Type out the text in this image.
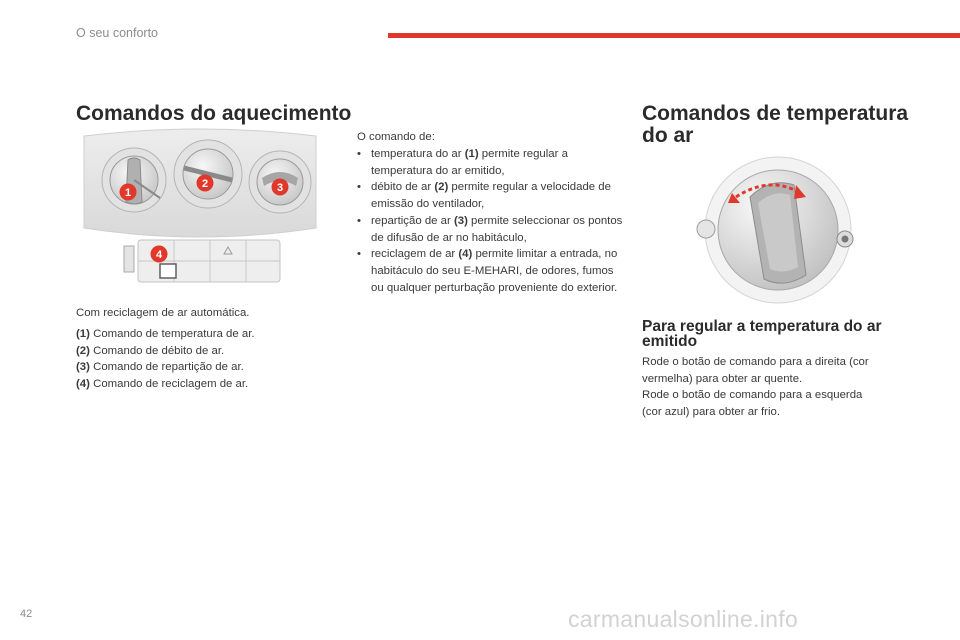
O seu conforto
Comandos do aquecimento
1
2	3
4
Com reciclagem de ar automática.
(1) Comando de temperatura de ar.
(2) Comando de débito de ar.
(3) Comando de repartição de ar.
(4) Comando de reciclagem de ar.
O comando de:
• temperatura do ar (1) permite regular a temperatura do ar emitido,
• débito de ar (2) permite regular a velocidade de emissão do ventilador,
• repartição de ar (3) permite seleccionar os pontos de difusão de ar no habitáculo,
• reciclagem de ar (4) permite limitar a entrada, no habitáculo do seu E-MEHARI, de odores, fumos ou qualquer perturbação proveniente do exterior.
Comandos de temperatura
do ar
Para regular a temperatura do ar
emitido
Rode o botão de comando para a direita (cor
vermelha) para obter ar quente.
Rode o botão de comando para a esquerda
(cor azul) para obter ar frio.
42	carmanualsonline.info
